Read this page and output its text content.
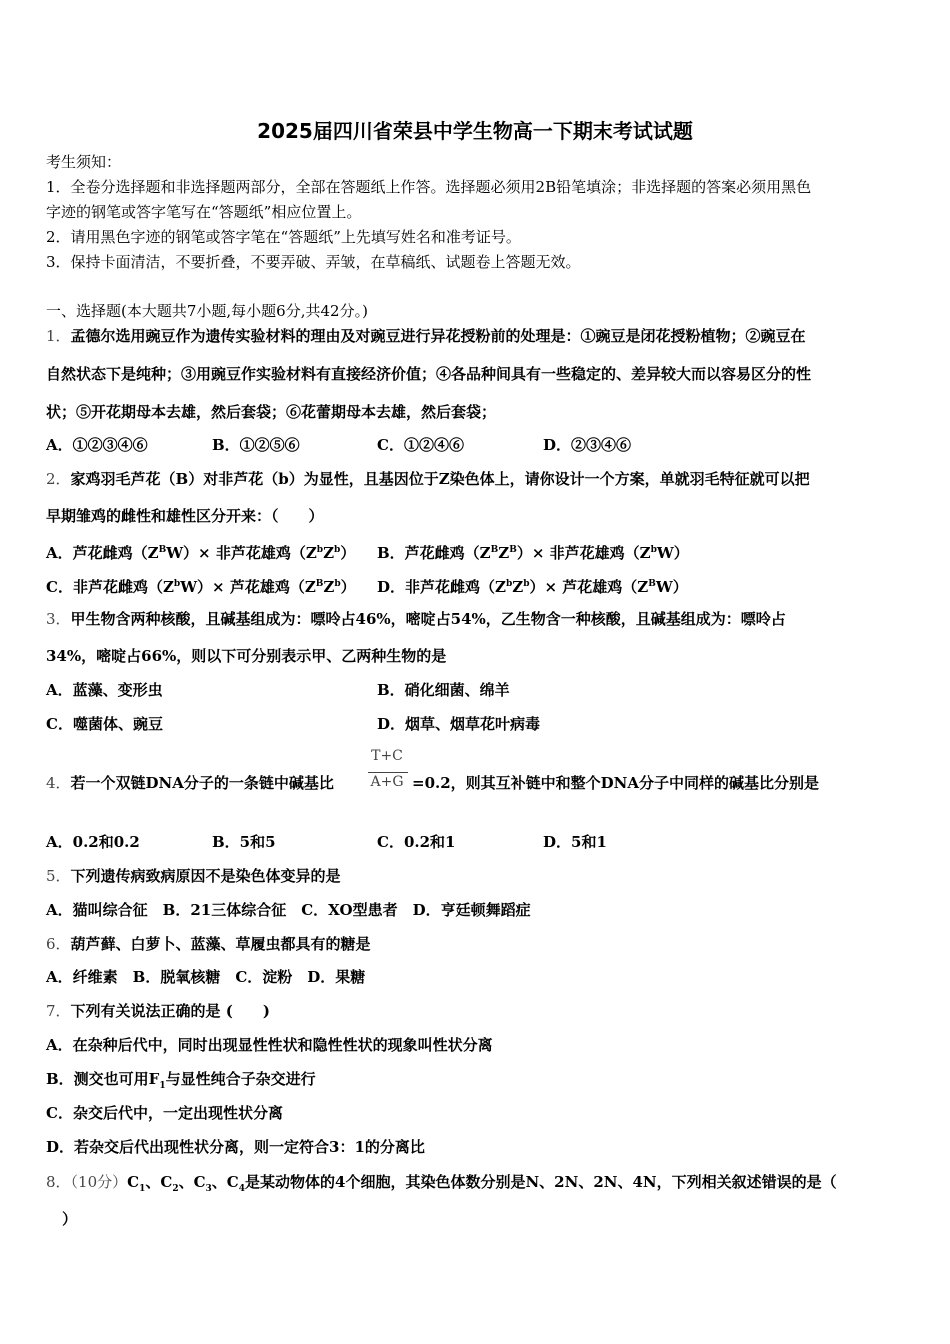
2025届四川省荣县中学生物高一下期末考试试题
考生须知：
1．全卷分选择题和非选择题两部分，全部在答题纸上作答。选择题必须用2B铅笔填涂；非选择题的答案必须用黑色
字迹的钢笔或答字笔写在“答题纸”相应位置上。
2．请用黑色字迹的钢笔或答字笔在“答题纸”上先填写姓名和准考证号。
3．保持卡面清洁，不要折叠，不要弄破、弄皱，在草稿纸、试题卷上答题无效。
一、选择题(本大题共7小题,每小题6分,共42分。)
1．孟德尔选用豌豆作为遗传实验材料的理由及对豌豆进行异花授粉前的处理是：①豌豆是闭花授粉植物；②豌豆在
自然状态下是纯种；③用豌豆作实验材料有直接经济价值；④各品种间具有一些稳定的、差异较大而以容易区分的性
状；⑤开花期母本去雄，然后套袋；⑥花蕾期母本去雄，然后套袋；
A．①②③④⑥	B．①②⑤⑥	C．①②④⑥	D．②③④⑥
2．家鸡羽毛芦花（B）对非芦花（b）为显性，且基因位于Z染色体上，请你设计一个方案，单就羽毛特征就可以把
早期雏鸡的雌性和雄性区分开来：（　　）
A．芦花雌鸡$(Z^BW)\times$ 非芦花雄鸡$(Z^bZ^b)$ B．芦花雌鸡$(Z^BZ^B)\times$ 非芦花雄鸡$(Z^bW)$
C．非芦花雌鸡$(Z^bW)\times$ 芦花雄鸡$(Z^BZ^b)$ D．非芦花雌鸡$(Z^bZ^b)\times$ 芦花雄鸡$(Z^BW)$
3．甲生物含两种核酸，且碱基组成为：嘌呤占46%，嘧啶占54%，乙生物含一种核酸，且碱基组成为：嘌呤占
34%，嘧啶占66%，则以下可分别表示甲、乙两种生物的是
A．蓝藻、变形虫	B．硝化细菌、绵羊
C．噬菌体、豌豆	D．烟草、烟草花叶病毒
4．若一个双链DNA分子的一条链中碱基比
T+C
A+G =0.2，则其互补链中和整个DNA分子中同样的碱基比分别是
A．0.2和0.2	B．5和5	C．0.2和1	D．5和1
5．下列遗传病致病原因不是染色体变异的是
A．猫叫综合征　B．21三体综合征　C．XO型患者　D．亨廷顿舞蹈症
6．葫芦藓、白萝卜、蓝藻、草履虫都具有的糖是
A．纤维素　B．脱氧核糖　C．淀粉　D．果糖
7．下列有关说法正确的是 (　　)
A．在杂种后代中，同时出现显性性状和隐性性状的现象叫性状分离
B．测交也可用$F_1$与显性纯合子杂交进行
C．杂交后代中，一定出现性状分离
D．若杂交后代出现性状分离，则一定符合3：1的分离比
8．（10分）$C_1$、$C_2$、$C_3$、$C_4$是某动物体的4个细胞，其染色体数分别是N、2N、2N、4N，下列相关叙述错误的是（
）
